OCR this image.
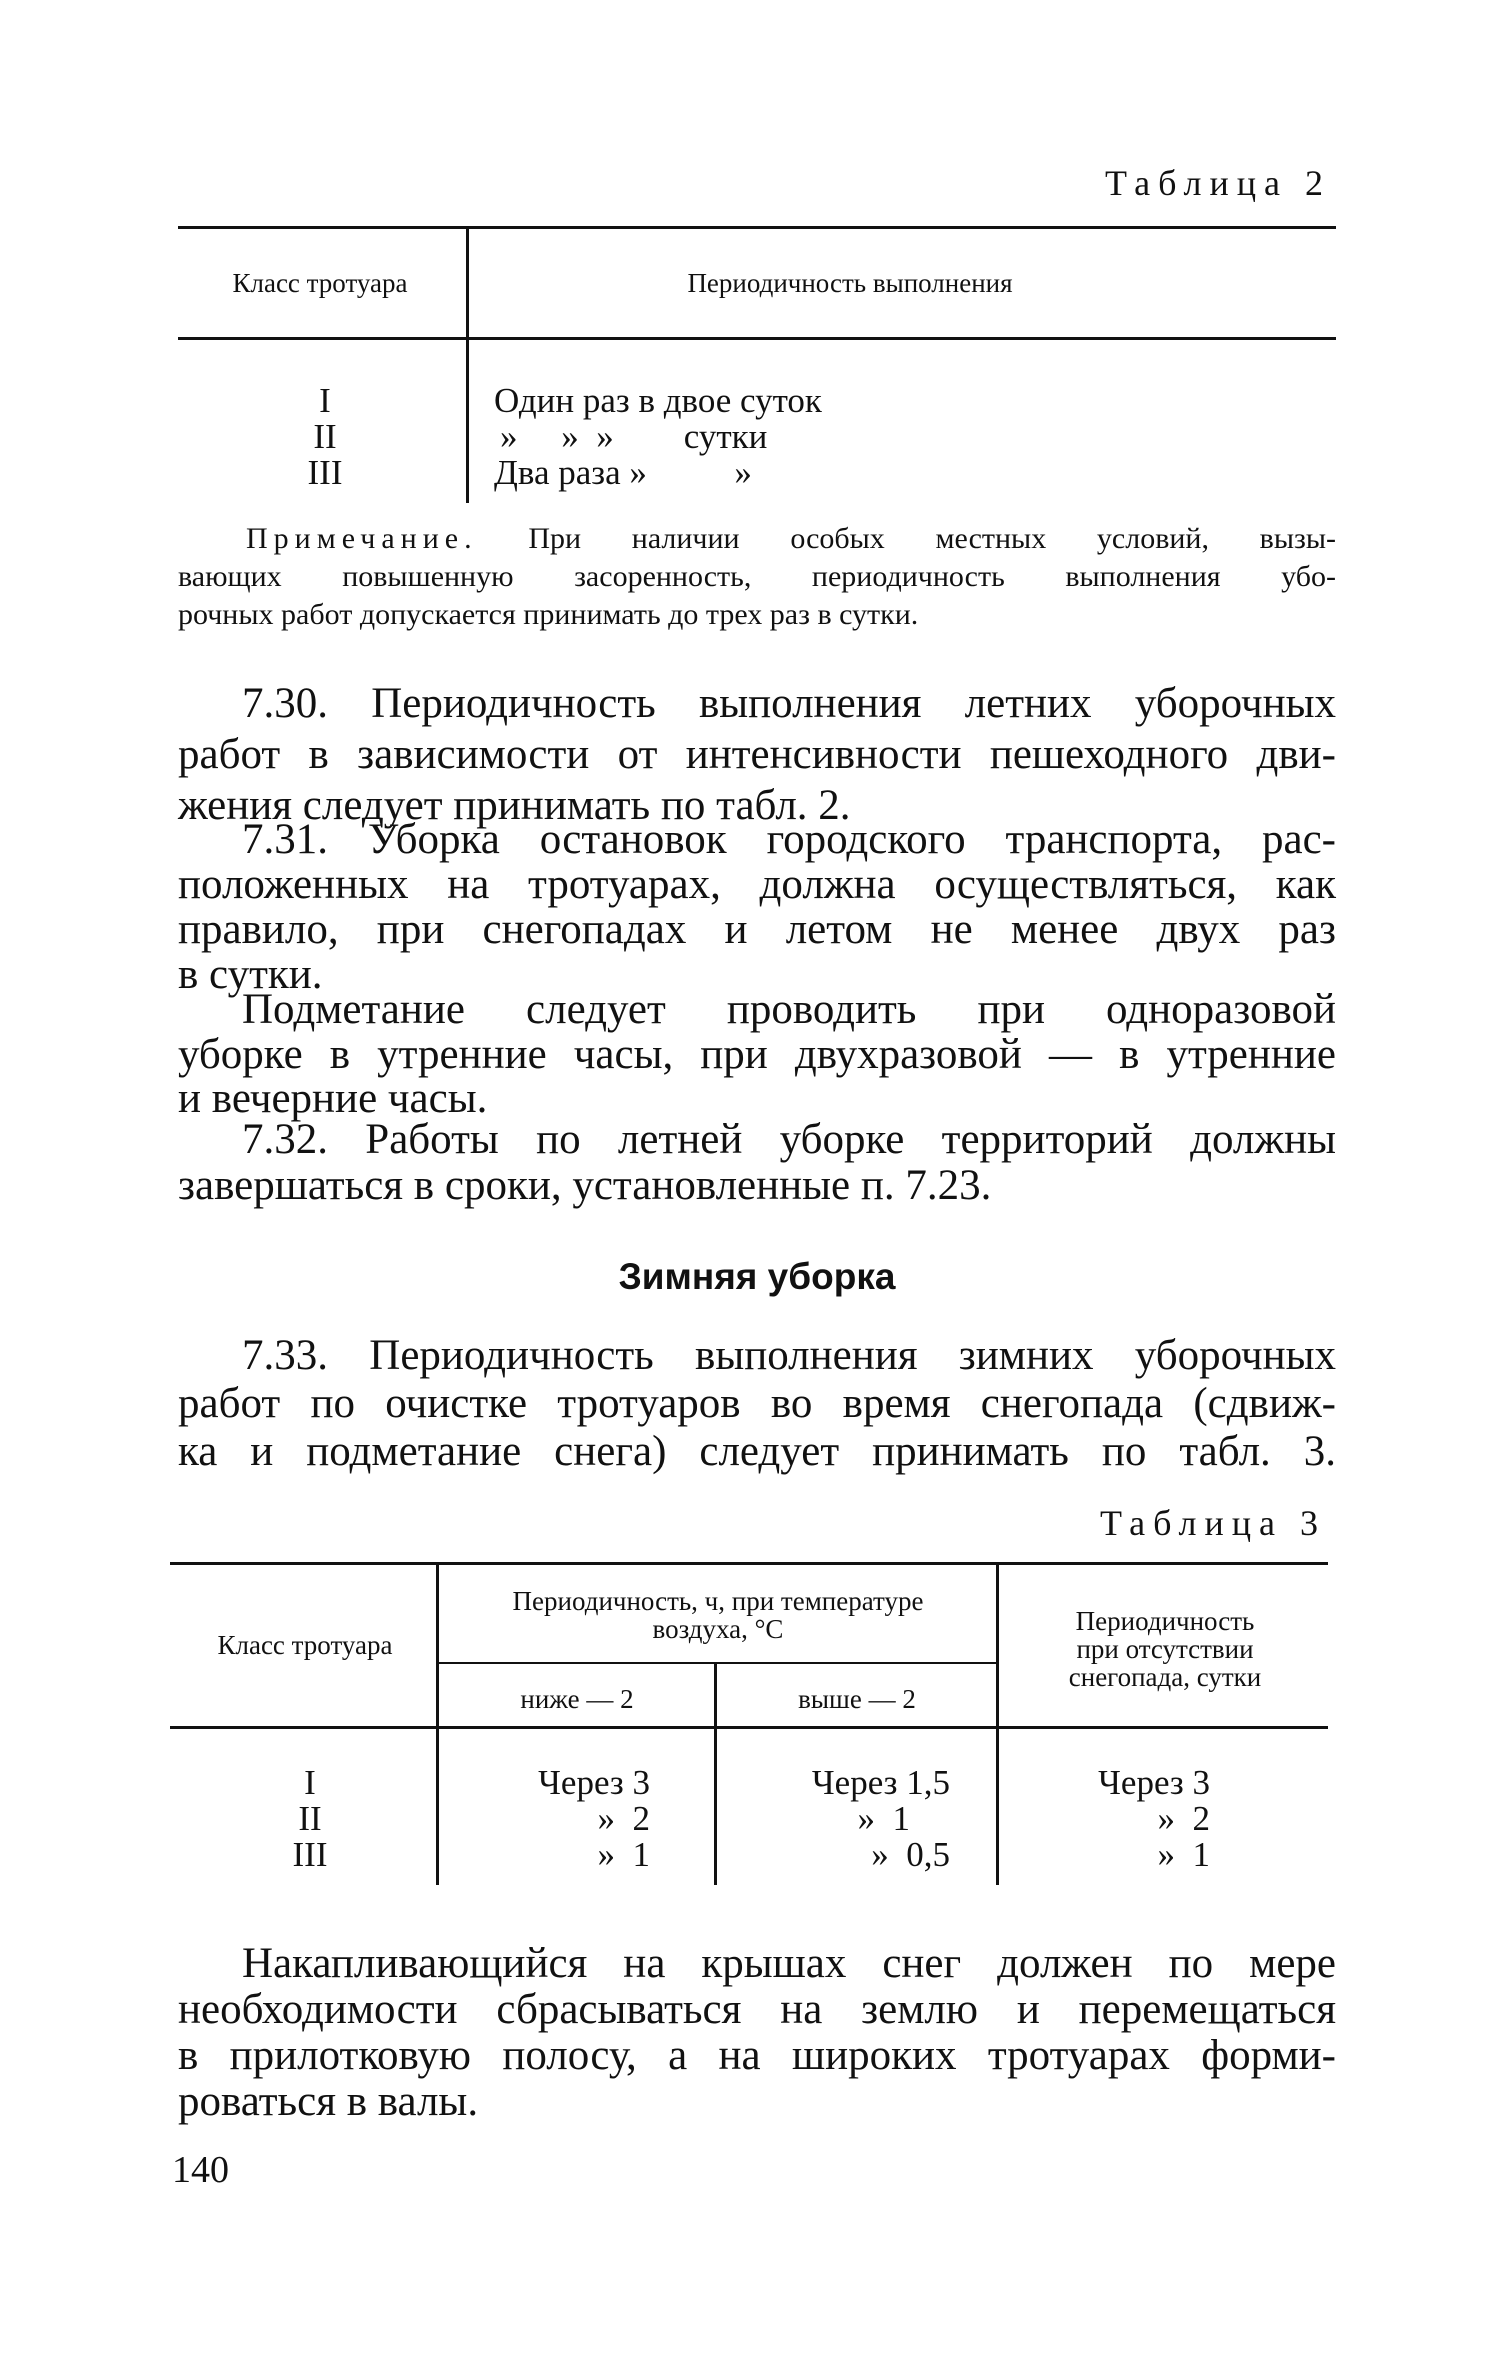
Таблица 2
Класс тротуара	Периодичность выполнения
I
II
III
Один раз в двое суток
»     »  »        сутки
Два раза »          »
Примечание. При наличии особых местных условий, вызы-
вающих повышенную засоренность, периодичность выполнения убо-
рочных работ допускается принимать до трех раз в сутки.
7.30. Периодичность выполнения летних уборочных
работ в зависимости от интенсивности пешеходного дви-
жения следует принимать по табл. 2.
7.31. Уборка остановок городского транспорта, рас-
положенных на тротуарах, должна осуществляться, как
правило, при снегопадах и летом не менее двух раз
в сутки.
Подметание следует проводить при одноразовой
уборке в утренние часы, при двухразовой — в утренние
и вечерние часы.
7.32. Работы по летней уборке территорий должны
завершаться в сроки, установленные п. 7.23.
Зимняя уборка
7.33. Периодичность выполнения зимних уборочных
работ по очистке тротуаров во время снегопада (сдвиж-
ка и подметание снега) следует принимать по табл. 3.
Таблица 3
Класс тротуара
Периодичность, ч, при температуре
воздуха, °С
ниже — 2	выше — 2
Периодичность
при отсутствии
снегопада, сутки
I
II
III
Через 3
»  2
»  1
Через 1,5
»  1
»  0,5
Через 3
»  2
»  1
Накапливающийся на крышах снег должен по мере
необходимости сбрасываться на землю и перемещаться
в прилотковую полосу, а на широких тротуарах форми-
роваться в валы.
140
